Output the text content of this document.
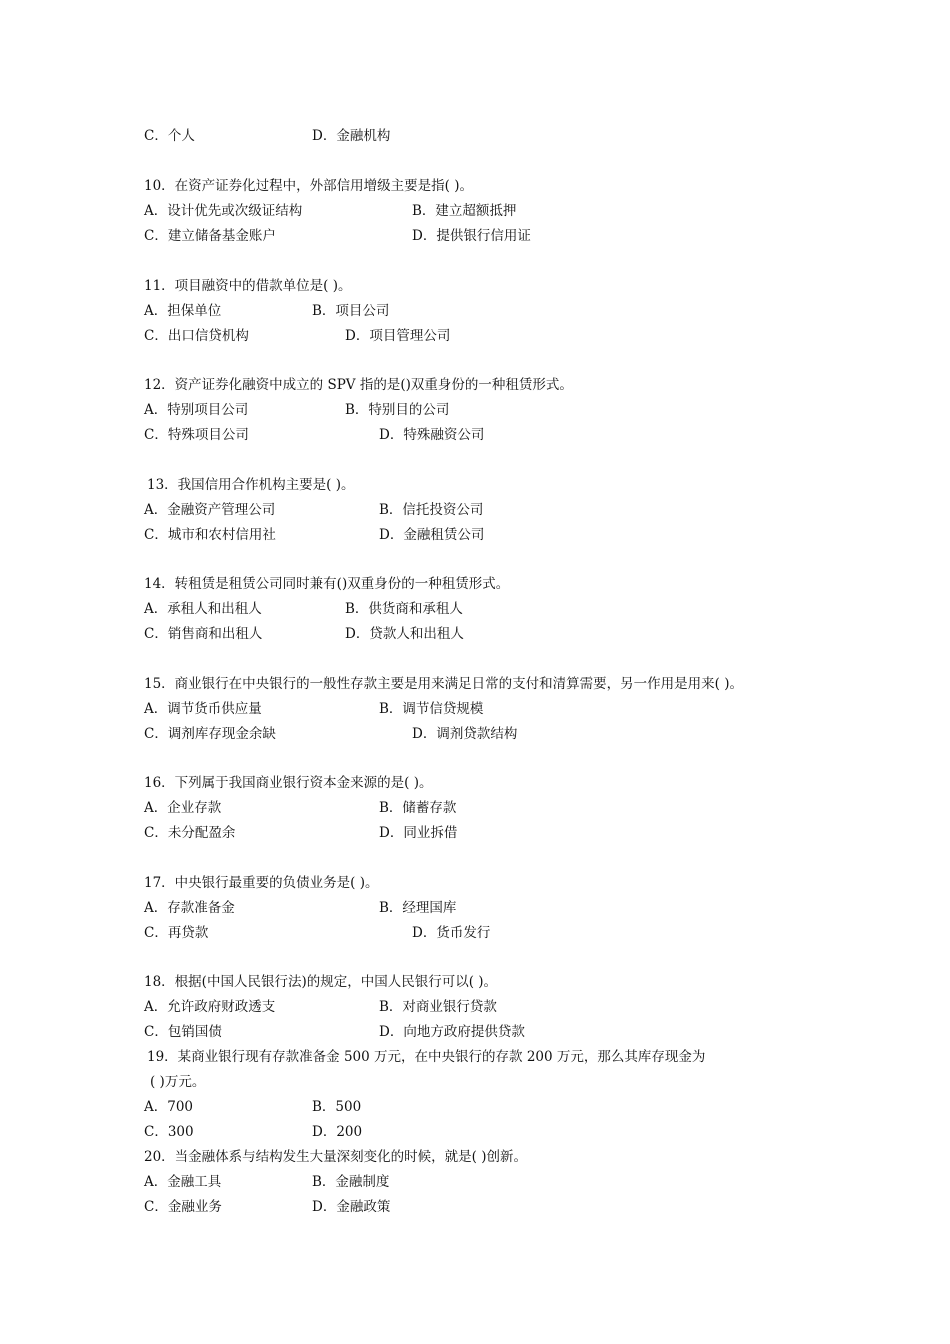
C．个人	D．金融机构
10．在资产证券化过程中，外部信用增级主要是指( )。
A．设计优先或次级证结构	B．建立超额抵押
C．建立储备基金账户	D．提供银行信用证
11．项目融资中的借款单位是( )。
A．担保单位	B．项目公司
C．出口信贷机构	D．项目管理公司
12．资产证券化融资中成立的 SPV 指的是()双重身份的一种租赁形式。
A．特别项目公司	B．特别目的公司
C．特殊项目公司	D．特殊融资公司
13．我国信用合作机构主要是( )。
A．金融资产管理公司	B．信托投资公司
C．城市和农村信用社	D．金融租赁公司
14．转租赁是租赁公司同时兼有()双重身份的一种租赁形式。
A．承租人和出租人	B．供货商和承租人
C．销售商和出租人	D．贷款人和出租人
15．商业银行在中央银行的一般性存款主要是用来满足日常的支付和清算需要，另一作用是用来( )。
A．调节货币供应量	B．调节信贷规模
C．调剂库存现金余缺	D．调剂贷款结构
16．下列属于我国商业银行资本金来源的是( )。
A．企业存款	B．储蓄存款
C．未分配盈余	D．同业拆借
17．中央银行最重要的负债业务是( )。
A．存款准备金	B．经理国库
C．再贷款	D．货币发行
18．根据(中国人民银行法)的规定，中国人民银行可以( )。
A．允许政府财政透支	B．对商业银行贷款
C．包销国债	D．向地方政府提供贷款
19．某商业银行现有存款准备金 500 万元，在中央银行的存款 200 万元，那么其库存现金为
( )万元。
A．700	B．500
C．300	D．200
20．当金融体系与结构发生大量深刻变化的时候，就是( )创新。
A．金融工具	B．金融制度
C．金融业务	D．金融政策
